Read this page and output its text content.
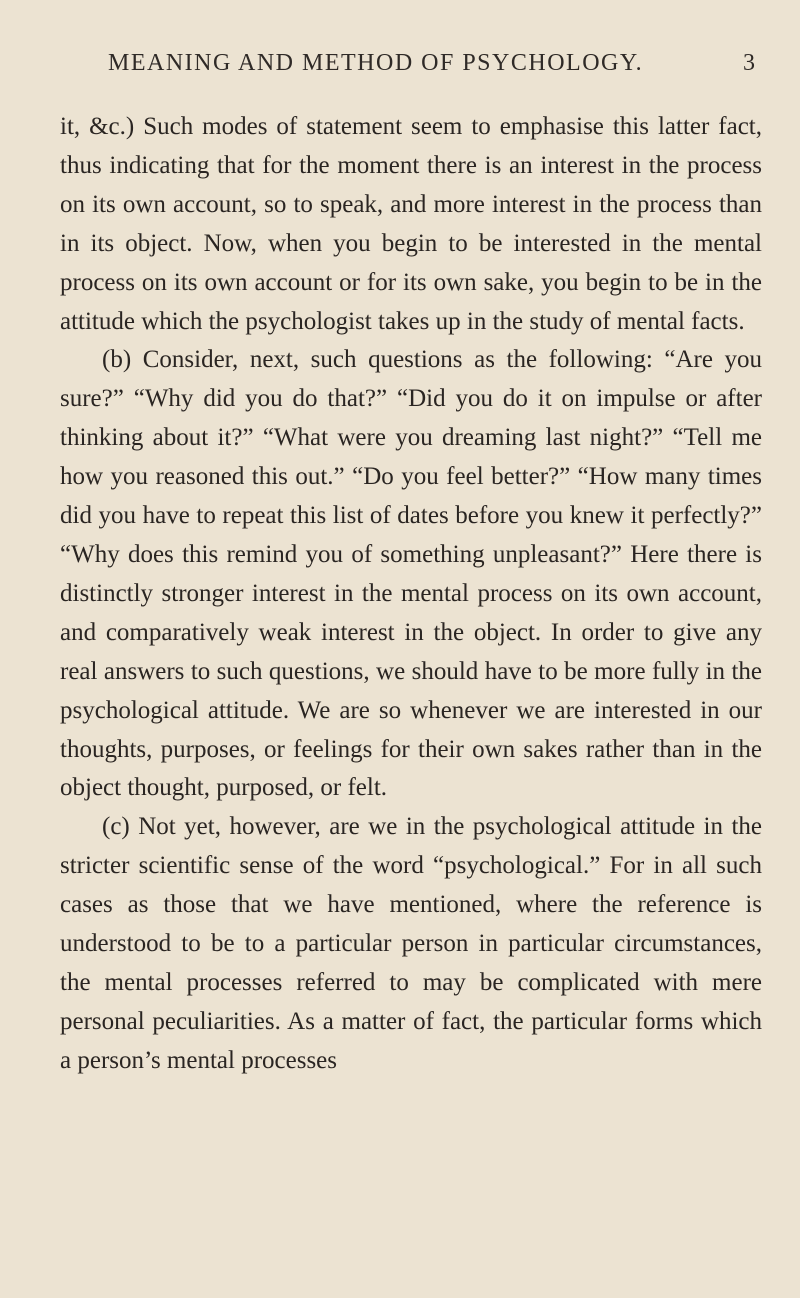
MEANING AND METHOD OF PSYCHOLOGY.	3

it, &c.) Such modes of statement seem to emphasise this latter fact, thus indicating that for the moment there is an interest in the process on its own account, so to speak, and more interest in the process than in its object. Now, when you begin to be interested in the mental process on its own account or for its own sake, you begin to be in the attitude which the psychologist takes up in the study of mental facts.

(b) Consider, next, such questions as the following: “Are you sure?” “Why did you do that?” “Did you do it on impulse or after thinking about it?” “What were you dreaming last night?” “Tell me how you reasoned this out.” “Do you feel better?” “How many times did you have to repeat this list of dates before you knew it perfectly?” “Why does this remind you of something unpleasant?” Here there is distinctly stronger interest in the mental process on its own account, and comparatively weak interest in the object. In order to give any real answers to such questions, we should have to be more fully in the psychological attitude. We are so whenever we are interested in our thoughts, purposes, or feelings for their own sakes rather than in the object thought, purposed, or felt.

(c) Not yet, however, are we in the psychological attitude in the stricter scientific sense of the word “psychological.” For in all such cases as those that we have mentioned, where the reference is understood to be to a particular person in particular circumstances, the mental processes referred to may be complicated with mere personal peculiarities. As a matter of fact, the particular forms which a person’s mental processes
